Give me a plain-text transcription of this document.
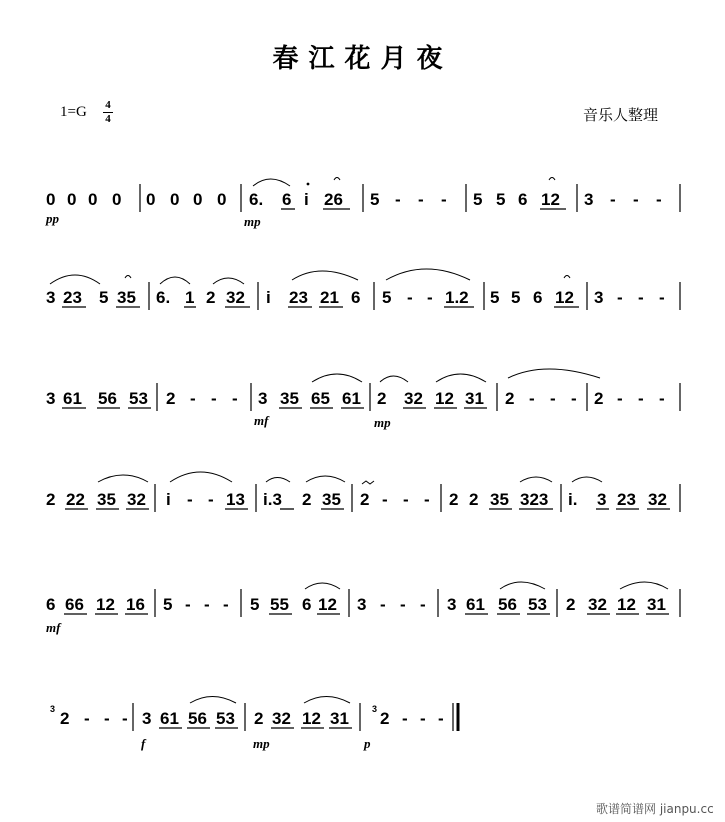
春江花月夜
1=G 4
4	音乐人整理
0 0 0 0 0 0 0 0 6. 6 i 26 5 - - - 5 5 6 12 3 - - -
pp	mp
3 23 5 35 6. 1 2 32 i 23 21 6 5 - - 1.2 5 5 6 12 3 - - -
3 61 56 53 2 - - - 3 35 65 61 2 32 12 31 2 - - - 2 - - -
mf	mp
2 22 35 32 i - - 13 i.3 2 35 2 - - - 2 2 35 323 i. 3 23 32
6 66 12 16 5 - - - 5 55 6 12 3 - - - 3 61 56 53 2 32 12 31
mf
3	3
2 - - - 3 61 56 53 2 32 12 31 2 - - -
f	mp	p
歌谱简谱网 jianpu.cc
